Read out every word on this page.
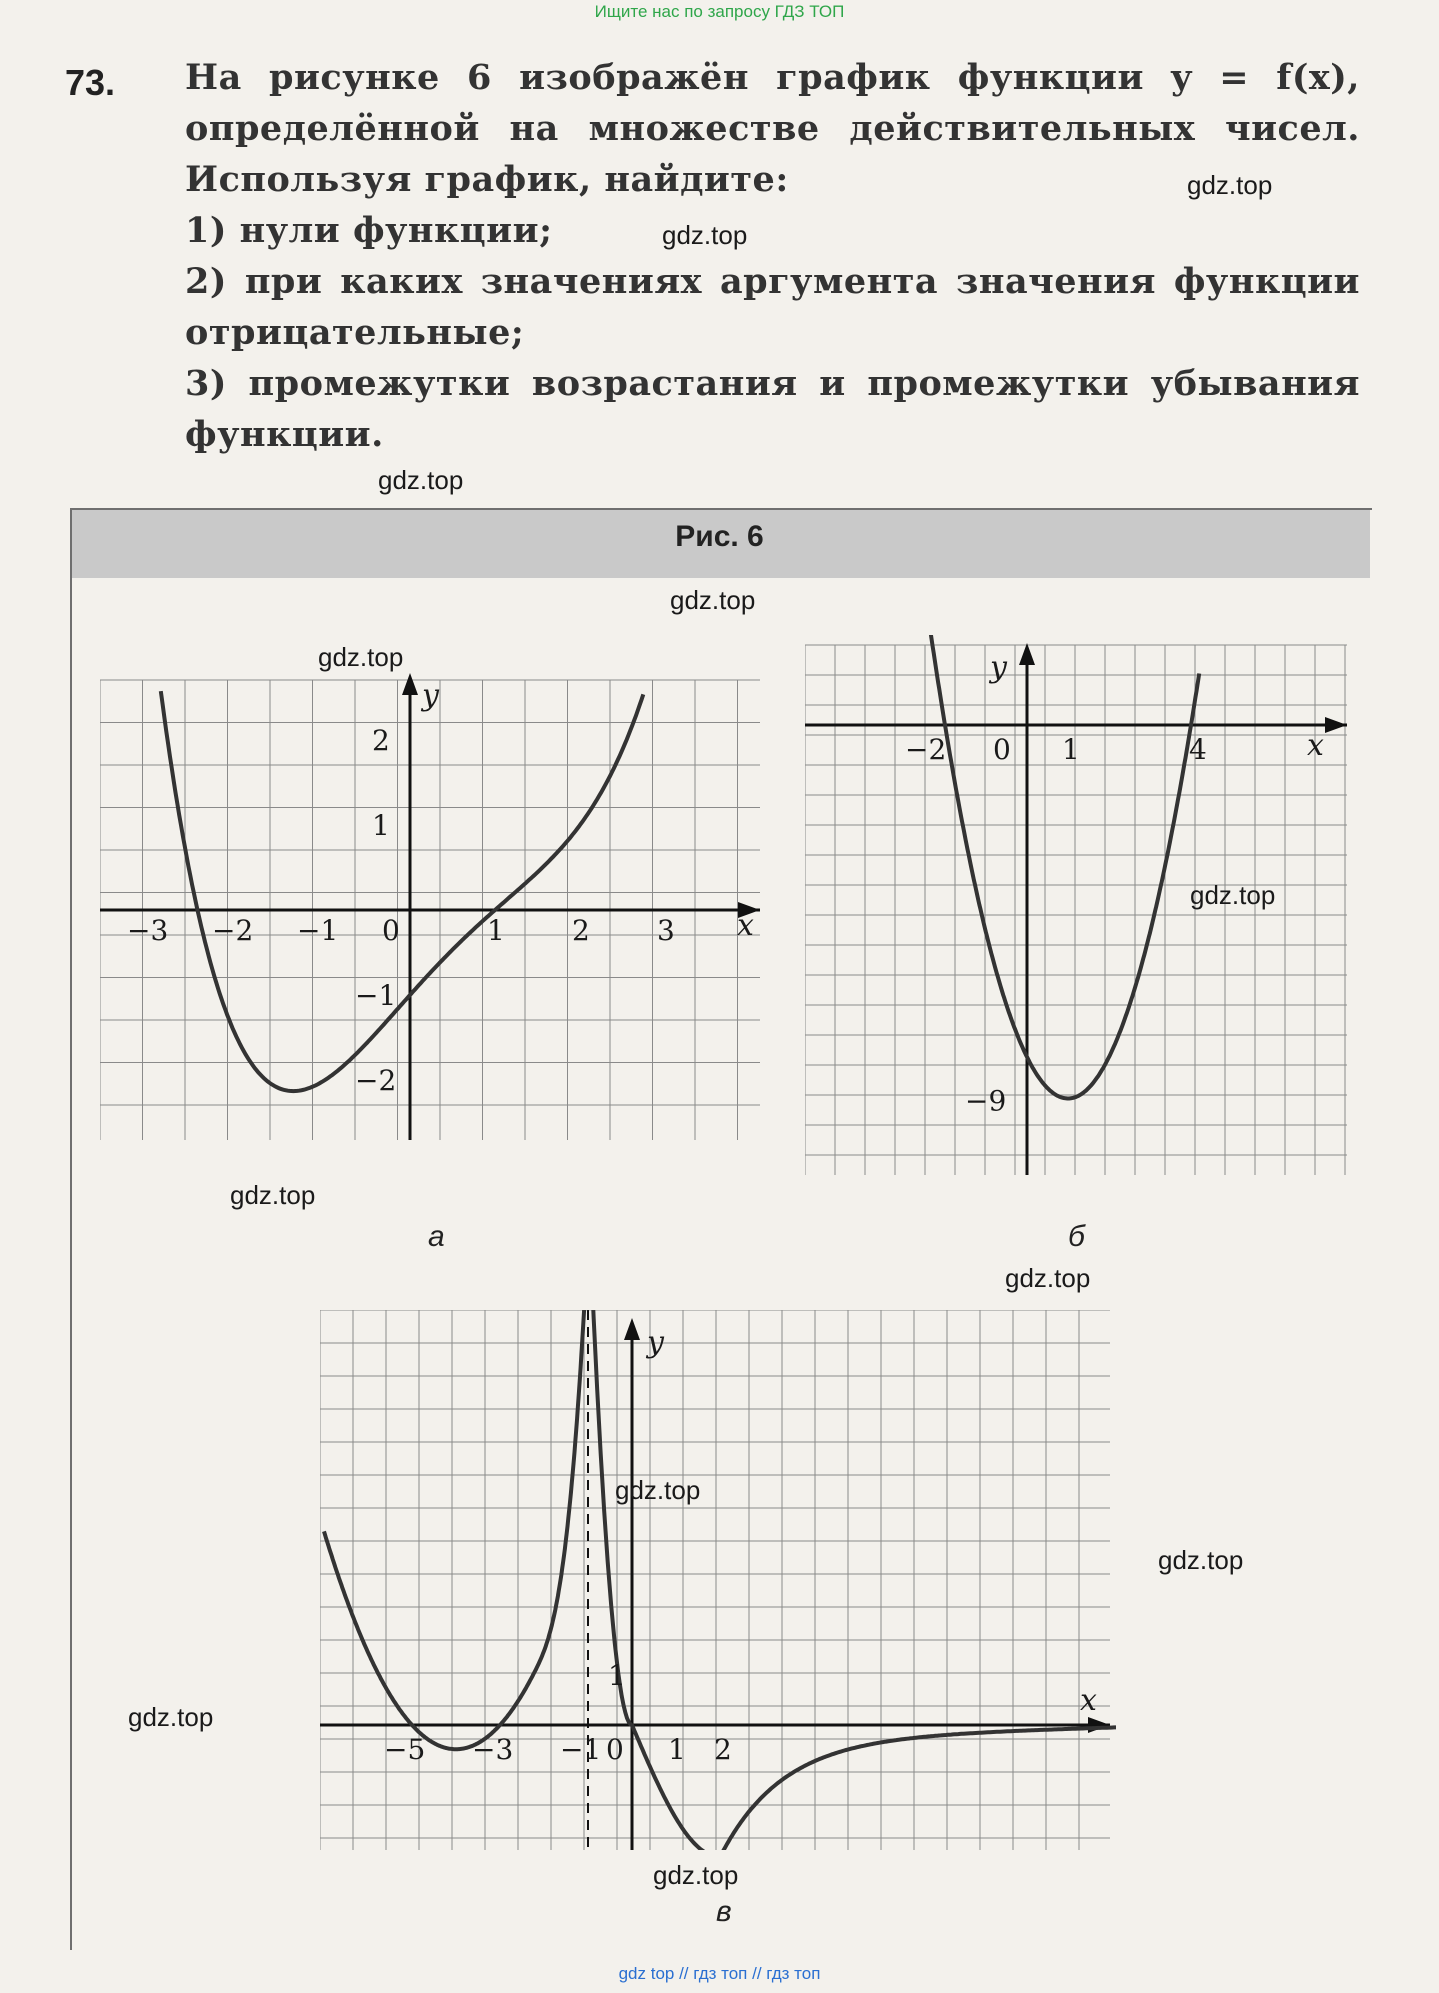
Ищите нас по запросу ГДЗ ТОП
73. На рисунке 6 изображён график функции y = f(x), определённой на множестве действительных чисел. Используя график, найдите:

1) нули функции;

2) при каких значениях аргумента значения функции отрицательные;

3) промежутки возрастания и промежутки убывания функции.

Рис. 6
−3 −2 −1 0	1 2 3
2
1
−1
−2
x
y
а
−2 0 1	4
−9
x
y
б
−5 −3 −1 0 1 2
1
x
y
в
gdz.top
gdz.top
gdz.top
gdz.top
gdz.top
gdz.top
gdz.top
gdz.top
gdz.top
gdz.top
gdz.top
gdz.top
gdz top // гдз топ // гдз топ
